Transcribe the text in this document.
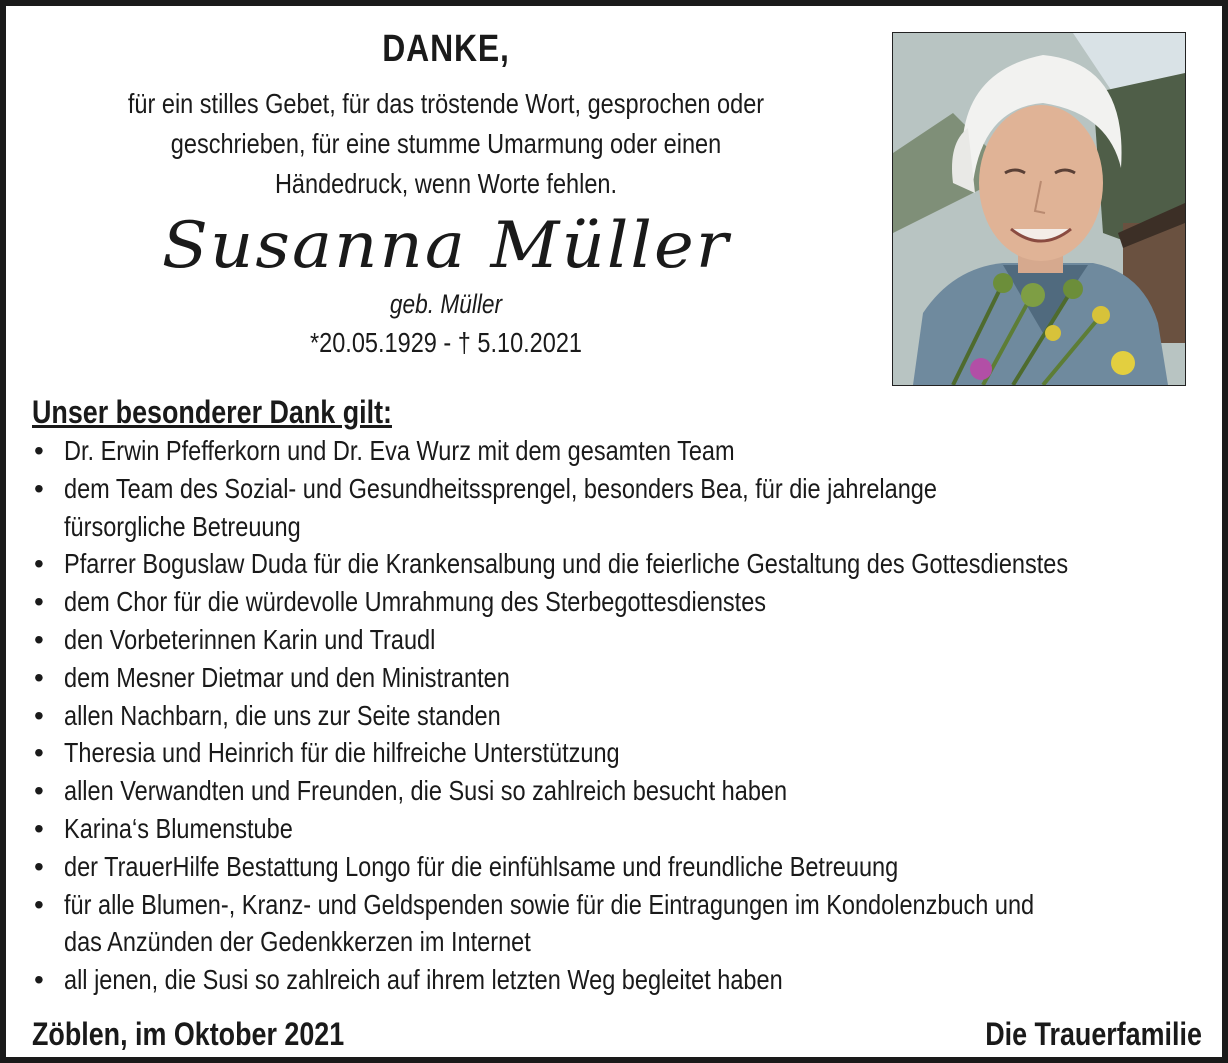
DANKE,
für ein stilles Gebet, für das tröstende Wort, gesprochen oder
geschrieben, für eine stumme Umarmung oder einen
Händedruck, wenn Worte fehlen.
Susanna Müller
geb. Müller
*20.05.1929 - † 5.10.2021
Unser besonderer Dank gilt:
• Dr. Erwin Pfefferkorn und Dr. Eva Wurz mit dem gesamten Team
• dem Team des Sozial- und Gesundheitssprengel, besonders Bea, für die jahrelange
fürsorgliche Betreuung
• Pfarrer Boguslaw Duda für die Krankensalbung und die feierliche Gestaltung des Gottesdienstes
• dem Chor für die würdevolle Umrahmung des Sterbegottesdienstes
• den Vorbeterinnen Karin und Traudl
• dem Mesner Dietmar und den Ministranten
• allen Nachbarn, die uns zur Seite standen
• Theresia und Heinrich für die hilfreiche Unterstützung
• allen Verwandten und Freunden, die Susi so zahlreich besucht haben
• Karina‘s Blumenstube
• der TrauerHilfe Bestattung Longo für die einfühlsame und freundliche Betreuung
• für alle Blumen-, Kranz- und Geldspenden sowie für die Eintragungen im Kondolenzbuch und
das Anzünden der Gedenkkerzen im Internet
• all jenen, die Susi so zahlreich auf ihrem letzten Weg begleitet haben
Zöblen, im Oktober 2021	Die Trauerfamilie
